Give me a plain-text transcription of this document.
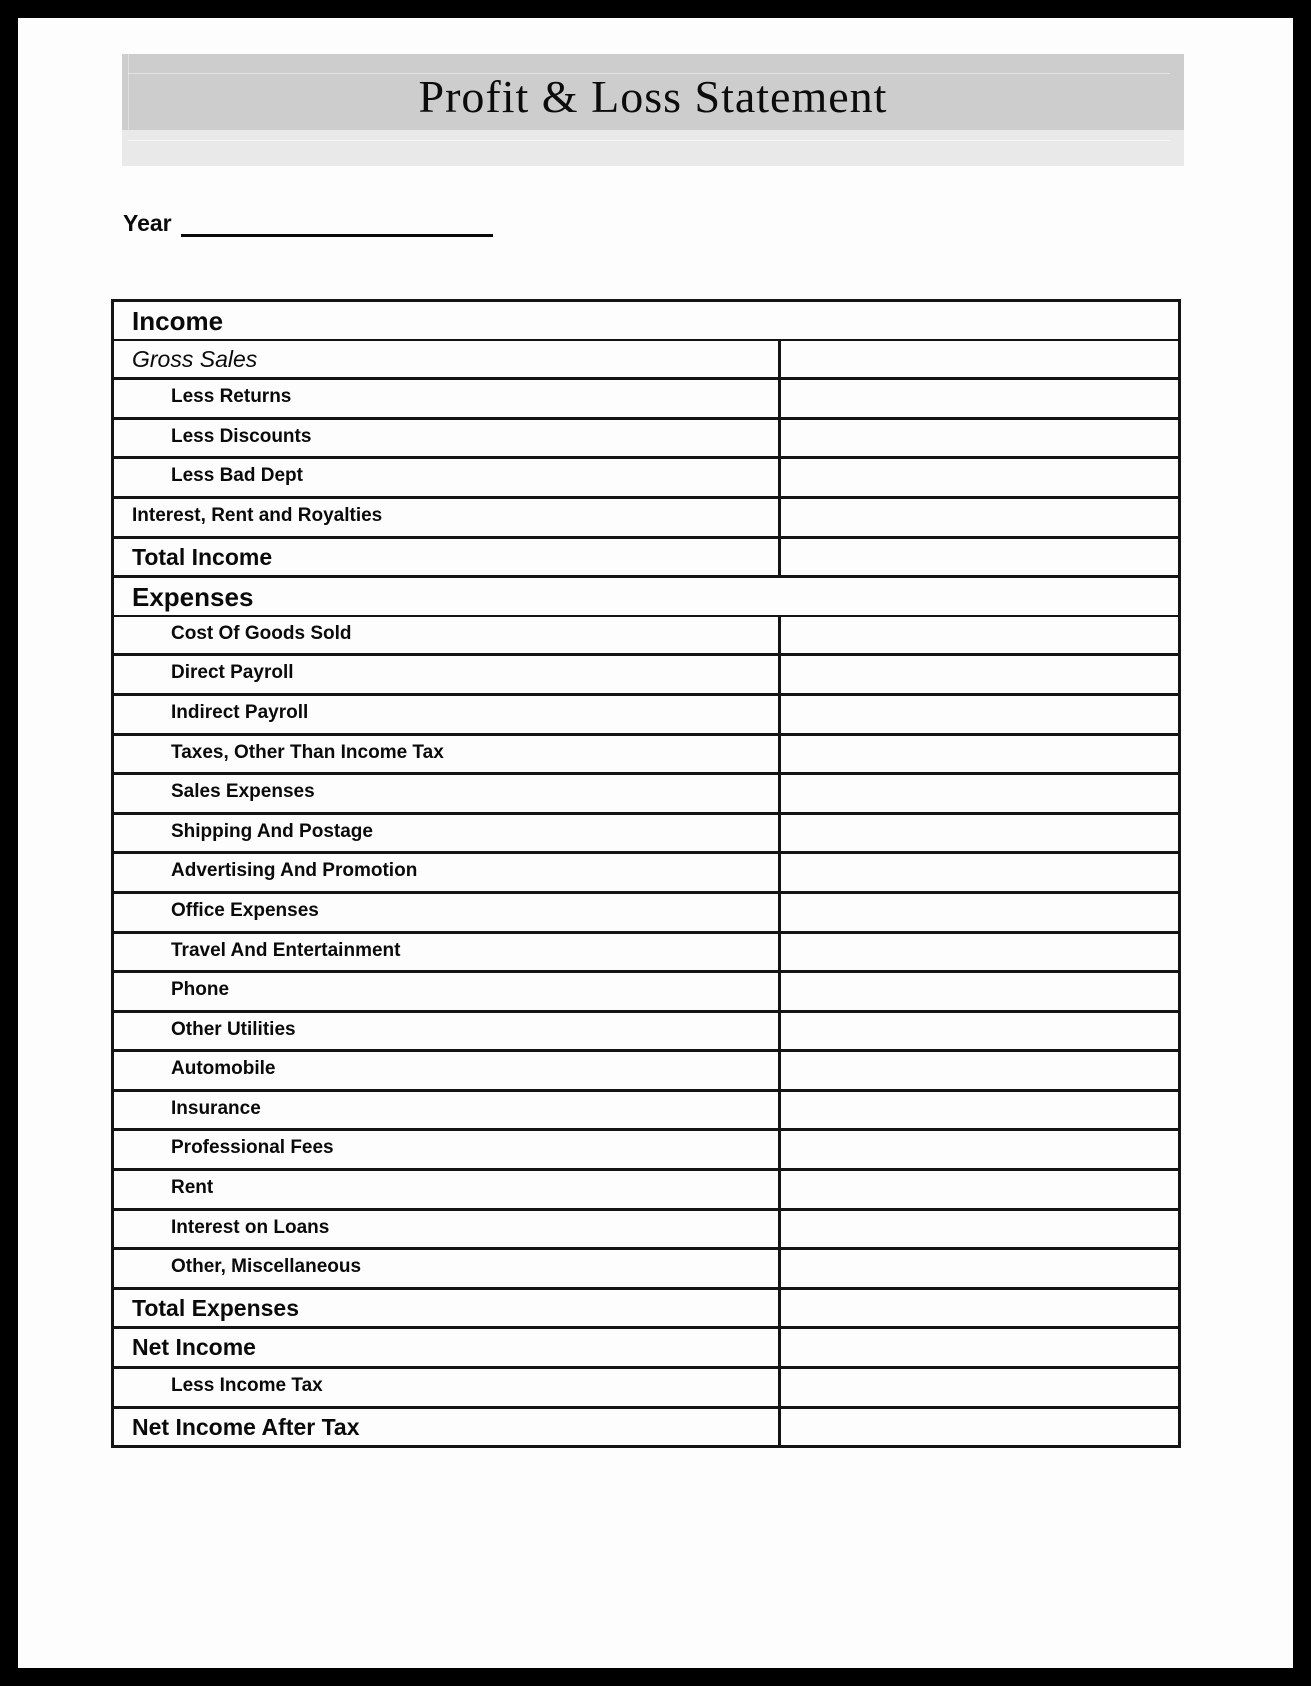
Profit & Loss Statement
Year
Income
Gross Sales
Less Returns
Less Discounts
Less Bad Dept
Interest, Rent and Royalties
Total Income
Expenses
Cost Of Goods Sold
Direct Payroll
Indirect Payroll
Taxes, Other Than Income Tax
Sales Expenses
Shipping And Postage
Advertising And Promotion
Office Expenses
Travel And Entertainment
Phone
Other Utilities
Automobile
Insurance
Professional Fees
Rent
Interest on Loans
Other, Miscellaneous
Total Expenses
Net Income
Less Income Tax
Net Income After Tax
